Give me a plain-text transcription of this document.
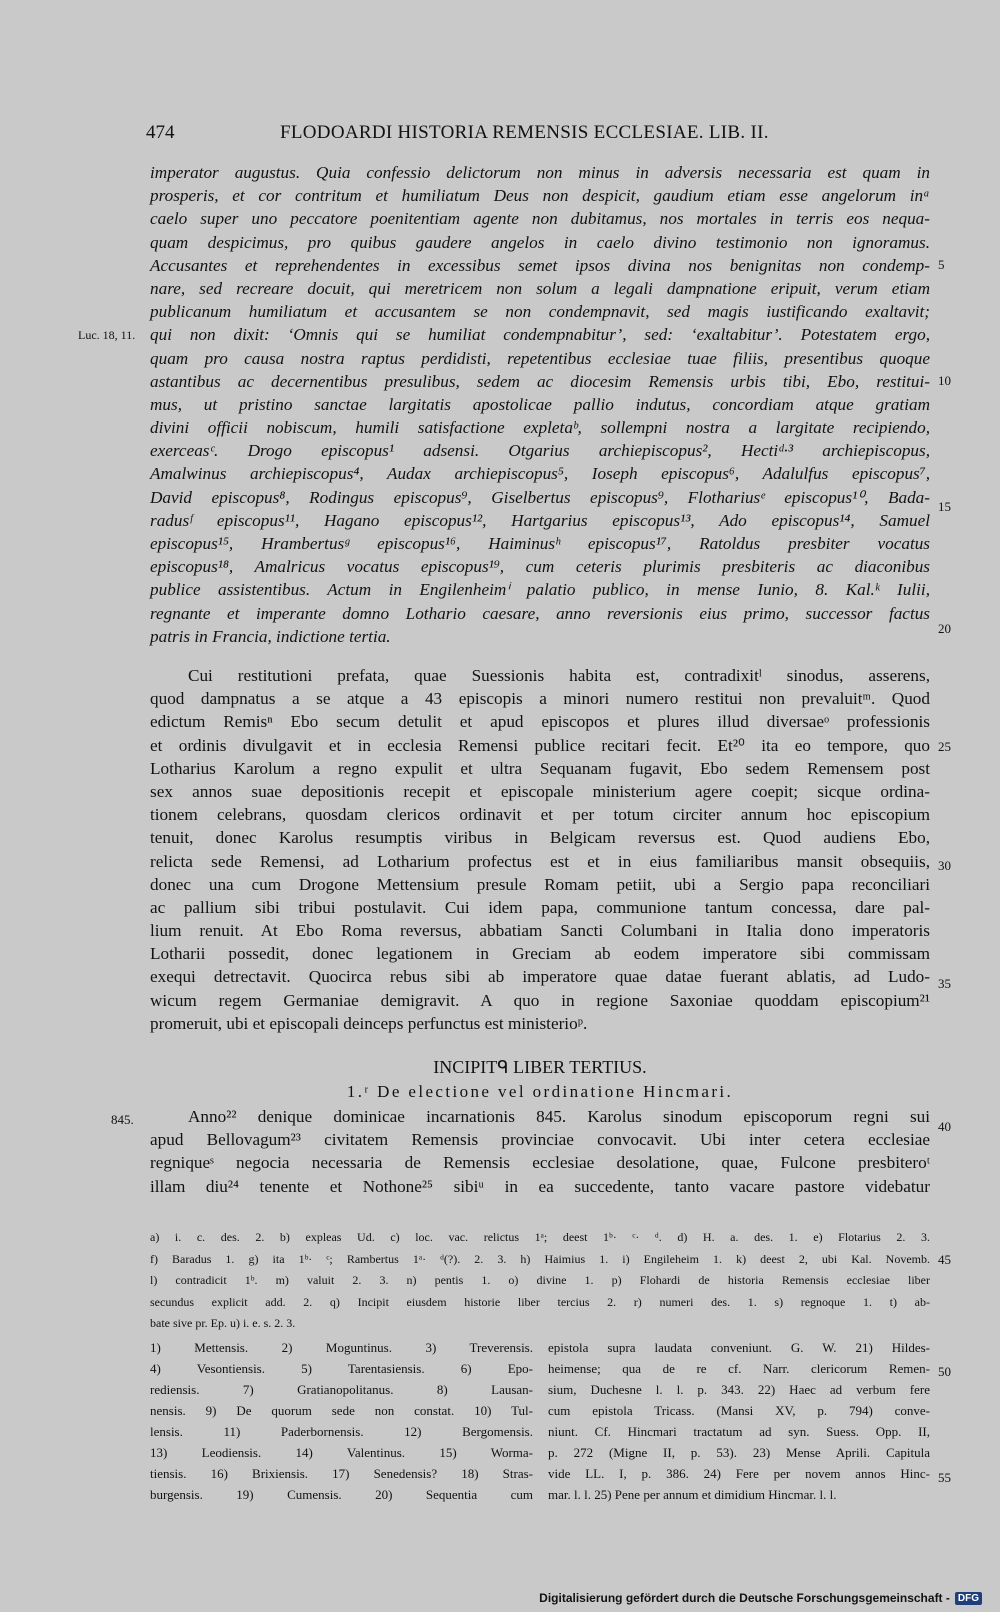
474	FLODOARDI HISTORIA REMENSIS ECCLESIAE. LIB. II.
imperator augustus. Quia confessio delictorum non minus in adversis necessaria est quam in
prosperis, et cor contritum et humiliatum Deus non despicit, gaudium etiam esse angelorum inᵃ
caelo super uno peccatore poenitentiam agente non dubitamus, nos mortales in terris eos nequa-
quam despicimus, pro quibus gaudere angelos in caelo divino testimonio non ignoramus.
Accusantes et reprehendentes in excessibus semet ipsos divina nos benignitas non condemp-
nare, sed recreare docuit, qui meretricem non solum a legali dampnatione eripuit, verum etiam
publicanum humiliatum et accusantem se non condempnavit, sed magis iustificando exaltavit;
qui non dixit: ‘Omnis qui se humiliat condempnabitur’, sed: ‘exaltabitur’. Potestatem ergo,
quam pro causa nostra raptus perdidisti, repetentibus ecclesiae tuae filiis, presentibus quoque
astantibus ac decernentibus presulibus, sedem ac diocesim Remensis urbis tibi, Ebo, restitui-
mus, ut pristino sanctae largitatis apostolicae pallio indutus, concordiam atque gratiam
divini officii nobiscum, humili satisfactione expletaᵇ, sollempni nostra a largitate recipiendo,
exerceasᶜ. Drogo episcopus¹ adsensi. Otgarius archiepiscopus², Hectiᵈ·³ archiepiscopus,
Amalwinus archiepiscopus⁴, Audax archiepiscopus⁵, Ioseph episcopus⁶, Adalulfus episcopus⁷,
David episcopus⁸, Rodingus episcopus⁹, Giselbertus episcopus⁹, Flothariusᵉ episcopus¹⁰, Bada-
radusᶠ episcopus¹¹, Hagano episcopus¹², Hartgarius episcopus¹³, Ado episcopus¹⁴, Samuel
episcopus¹⁵, Hrambertusᵍ episcopus¹⁶, Haiminusʰ episcopus¹⁷, Ratoldus presbiter vocatus
episcopus¹⁸, Amalricus vocatus episcopus¹⁹, cum ceteris plurimis presbiteris ac diaconibus
publice assistentibus. Actum in Engilenheimⁱ palatio publico, in mense Iunio, 8. Kal.ᵏ Iulii,
regnante et imperante domno Lothario caesare, anno reversionis eius primo, successor factus
patris in Francia, indictione tertia.
Cui restitutioni prefata, quae Suessionis habita est, contradixitˡ sinodus, asserens,
quod dampnatus a se atque a 43 episcopis a minori numero restitui non prevaluitᵐ. Quod
edictum Remisⁿ Ebo secum detulit et apud episcopos et plures illud diversaeᵒ professionis
et ordinis divulgavit et in ecclesia Remensi publice recitari fecit. Et²⁰ ita eo tempore, quo
Lotharius Karolum a regno expulit et ultra Sequanam fugavit, Ebo sedem Remensem post
sex annos suae depositionis recepit et episcopale ministerium agere coepit; sicque ordina-
tionem celebrans, quosdam clericos ordinavit et per totum circiter annum hoc episcopium
tenuit, donec Karolus resumptis viribus in Belgicam reversus est. Quod audiens Ebo,
relicta sede Remensi, ad Lotharium profectus est et in eius familiaribus mansit obsequiis,
donec una cum Drogone Mettensium presule Romam petiit, ubi a Sergio papa reconciliari
ac pallium sibi tribui postulavit. Cui idem papa, communione tantum concessa, dare pal-
lium renuit. At Ebo Roma reversus, abbatiam Sancti Columbani in Italia dono imperatoris
Lotharii possedit, donec legationem in Greciam ab eodem imperatore sibi commissam
exequi detrectavit. Quocirca rebus sibi ab imperatore quae datae fuerant ablatis, ad Ludo-
wicum regem Germaniae demigravit. A quo in regione Saxoniae quoddam episcopium²¹
promeruit, ubi et episcopali deinceps perfunctus est ministerioᵖ.
INCIPITᑫ LIBER TERTIUS.
1.ʳ De electione vel ordinatione Hincmari.
Anno²² denique dominicae incarnationis 845. Karolus sinodum episcoporum regni sui
apud Bellovagum²³ civitatem Remensis provinciae convocavit. Ubi inter cetera ecclesiae
regniqueˢ negocia necessaria de Remensis ecclesiae desolatione, quae, Fulcone presbiteroᵗ
illam diu²⁴ tenente et Nothone²⁵ sibiᵘ in ea succedente, tanto vacare pastore videbatur
Luc. 18, 11.
845.
5
10
15
20
25
30
35
40
45
50
55
a) i. c. des. 2. b) expleas Ud. c) loc. vac. relictus 1ᵃ; deest 1ᵇ· ᶜ· ᵈ. d) H. a. des. 1. e) Flotarius 2. 3.
f) Baradus 1. g) ita 1ᵇ· ᶜ; Rambertus 1ᵃ· ᵈ(?). 2. 3. h) Haimius 1. i) Engileheim 1. k) deest 2, ubi Kal. Novemb.
l) contradicit 1ᵇ. m) valuit 2. 3. n) pentis 1. o) divine 1. p) Flohardi de historia Remensis ecclesiae liber
secundus explicit add. 2. q) Incipit eiusdem historie liber tercius 2. r) numeri des. 1. s) regnoque 1. t) ab-
bate sive pr. Ep. u) i. e. s. 2. 3.
1) Mettensis. 2) Moguntinus. 3) Treverensis.
4) Vesontiensis. 5) Tarentasiensis. 6) Epo-
rediensis. 7) Gratianopolitanus. 8) Lausan-
nensis. 9) De quorum sede non constat. 10) Tul-
lensis. 11) Paderbornensis. 12) Bergomensis.
13) Leodiensis. 14) Valentinus. 15) Worma-
tiensis. 16) Brixiensis. 17) Senedensis? 18) Stras-
burgensis. 19) Cumensis. 20) Sequentia cum
epistola supra laudata conveniunt. G. W. 21) Hildes-
heimense; qua de re cf. Narr. clericorum Remen-
sium, Duchesne l. l. p. 343. 22) Haec ad verbum fere
cum epistola Tricass. (Mansi XV, p. 794) conve-
niunt. Cf. Hincmari tractatum ad syn. Suess. Opp. II,
p. 272 (Migne II, p. 53). 23) Mense Aprili. Capitula
vide LL. I, p. 386. 24) Fere per novem annos Hinc-
mar. l. l. 25) Pene per annum et dimidium Hincmar. l. l.
Digitalisierung gefördert durch die Deutsche Forschungsgemeinschaft - DFG
